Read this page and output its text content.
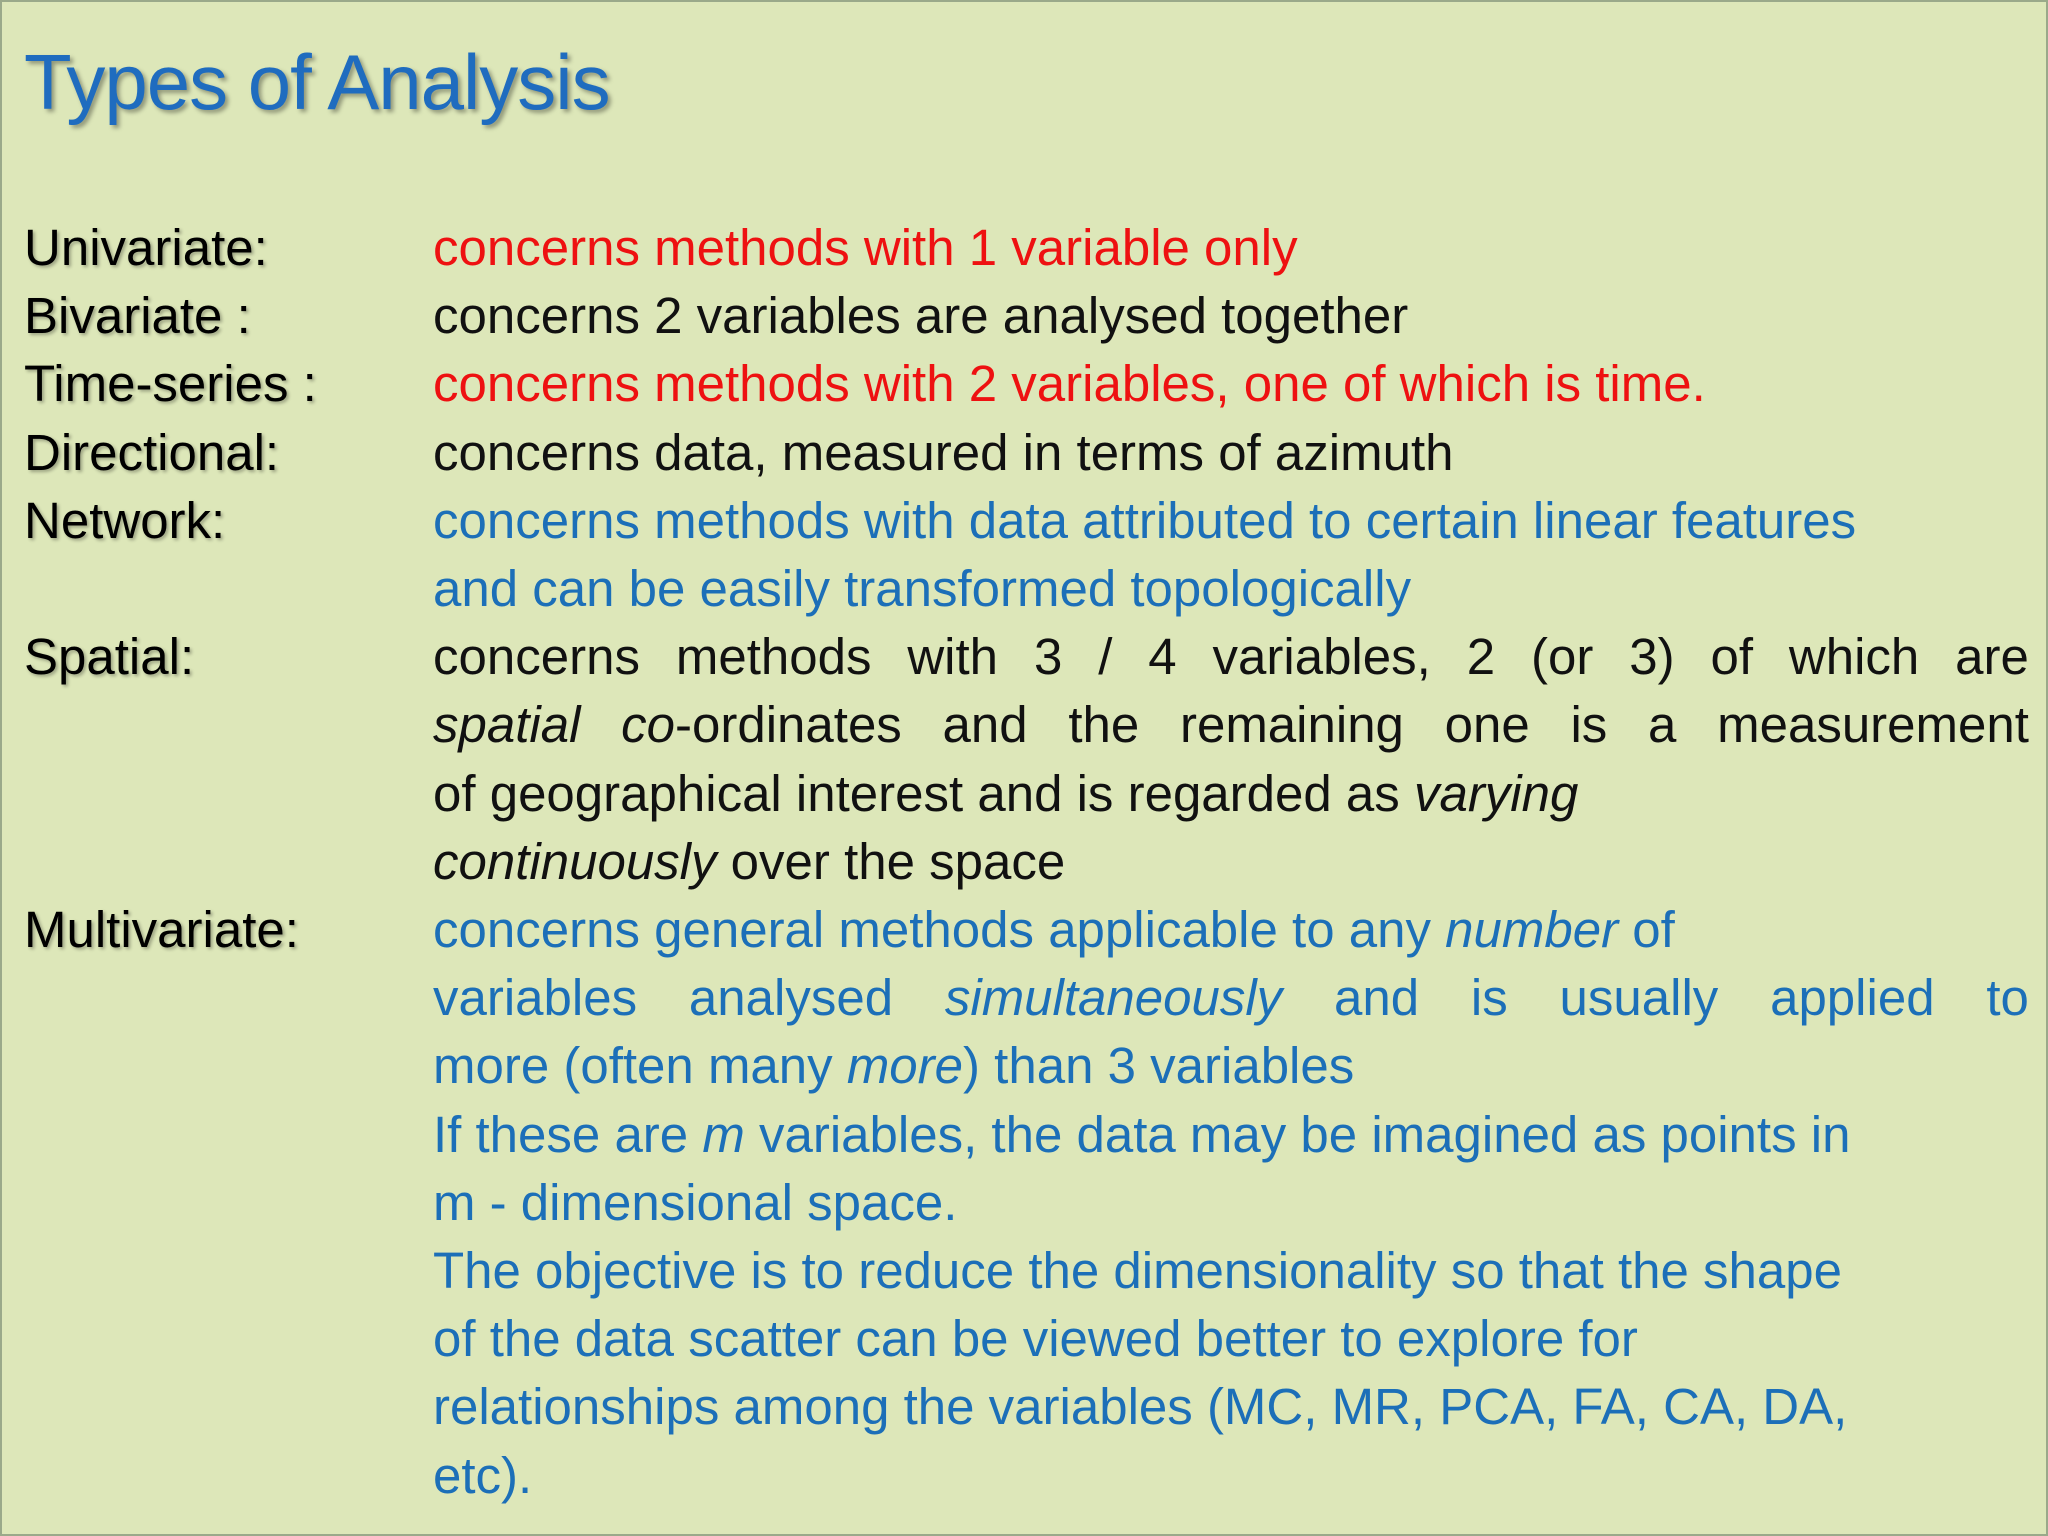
Types of Analysis
Univariate:	concerns methods with 1 variable only
Bivariate :	concerns 2 variables are analysed together
Time-series :	concerns methods with 2 variables, one of which is time.
Directional:	concerns data, measured in terms of azimuth
Network:	concerns methods with data attributed to certain linear features
and can be easily transformed topologically
Spatial:	concerns methods with 3 / 4 variables, 2 (or 3) of which are
spatial co-ordinates and the remaining one is a measurement
of geographical interest and is regarded as varying
continuously over the space
Multivariate:	concerns general methods applicable to any number of
variables analysed simultaneously and is usually applied to
more (often many more) than 3 variables
If these are m variables, the data may be imagined as points in
m - dimensional space.
The objective is to reduce the dimensionality so that the shape
of the data scatter can be viewed better to explore for
relationships among the variables (MC, MR, PCA, FA, CA, DA,
etc).
